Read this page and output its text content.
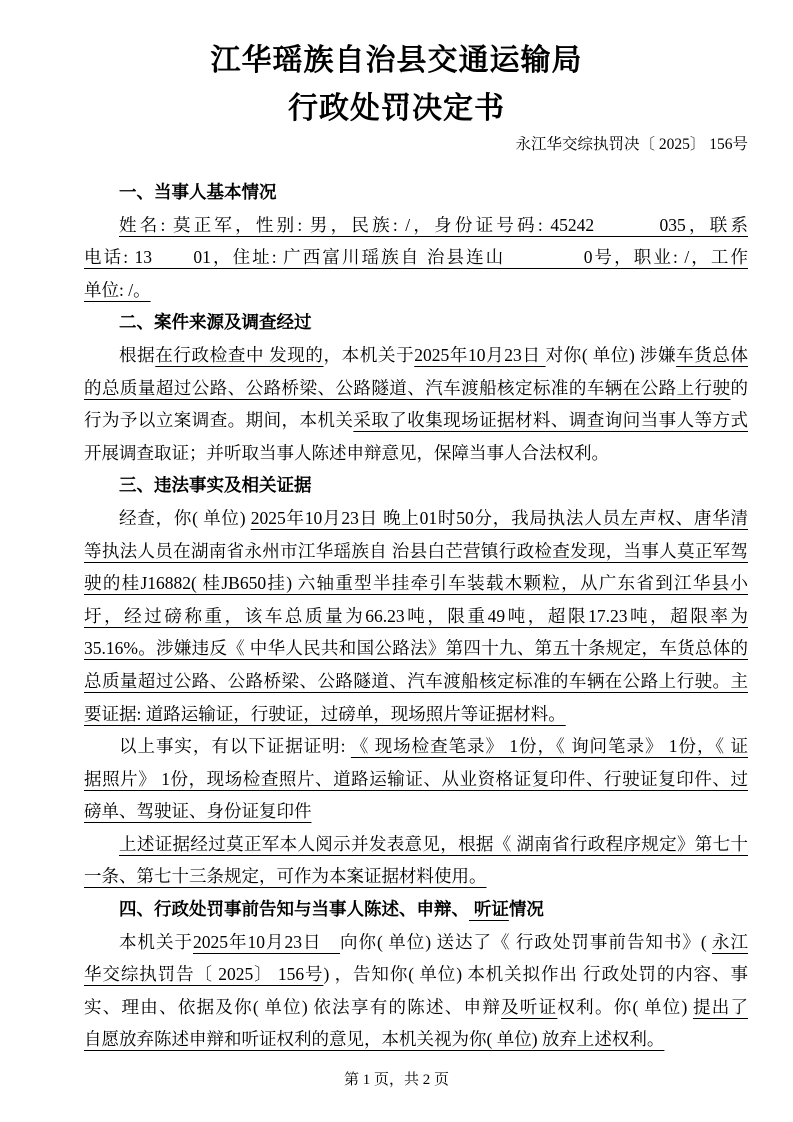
江华瑶族自治县交通运输局
行政处罚决定书
永江华交综执罚决〔 2025〕 156号
一、当事人基本情况
姓名: 莫正军，性别: 男，民族: /，身份证号码: 45242　　　035，联系
电话: 13　　01，住址: 广西富川瑶族自 治县连山　　　　0号，职业: /，工作
单位: /。
二、案件来源及调查经过
根据在行政检查中 发现的，本机关于2025年10月23日 对你( 单位) 涉嫌车货总体
的总质量超过公路、公路桥梁、公路隧道、汽车渡船核定标准的车辆在公路上行驶的
行为予以立案调查。期间，本机关采取了收集现场证据材料、调查询问当事人等方式
开展调查取证；并听取当事人陈述申辩意见，保障当事人合法权利。
三、违法事实及相关证据
经查，你( 单位) 2025年10月23日 晚上01时50分，我局执法人员左声权、唐华清
等执法人员在湖南省永州市江华瑶族自 治县白芒营镇行政检查发现，当事人莫正军驾
驶的桂J16882( 桂JB650挂) 六轴重型半挂牵引车装载木颗粒，从广东省到江华县小
圩，经过磅称重，该车总质量为66.23吨，限重49吨，超限17.23吨，超限率为
35.16%。涉嫌违反《 中华人民共和国公路法》第四十九、第五十条规定，车货总体的
总质量超过公路、公路桥梁、公路隧道、汽车渡船核定标准的车辆在公路上行驶。主
要证据: 道路运输证，行驶证，过磅单，现场照片等证据材料。
以上事实，有以下证据证明: 《 现场检查笔录》 1份，《 询问笔录》 1份，《 证
据照片》 1份，现场检查照片、道路运输证、从业资格证复印件、行驶证复印件、过
磅单、驾驶证、身份证复印件
上述证据经过莫正军本人阅示并发表意见，根据《 湖南省行政程序规定》第七十
一条、第七十三条规定，可作为本案证据材料使用。
四、行政处罚事前告知与当事人陈述、申辩、 听证情况
本机关于2025年10月23日　向你( 单位) 送达了《 行政处罚事前告知书》( 永江
华交综执罚告〔 2025〕 156号) ，告知你( 单位) 本机关拟作出 行政处罚的内容、事
实、理由、依据及你( 单位) 依法享有的陈述、申辩及听证权利。你( 单位) 提出了
自愿放弃陈述申辩和听证权利的意见，本机关视为你( 单位) 放弃上述权利。
第 1 页，共 2 页
